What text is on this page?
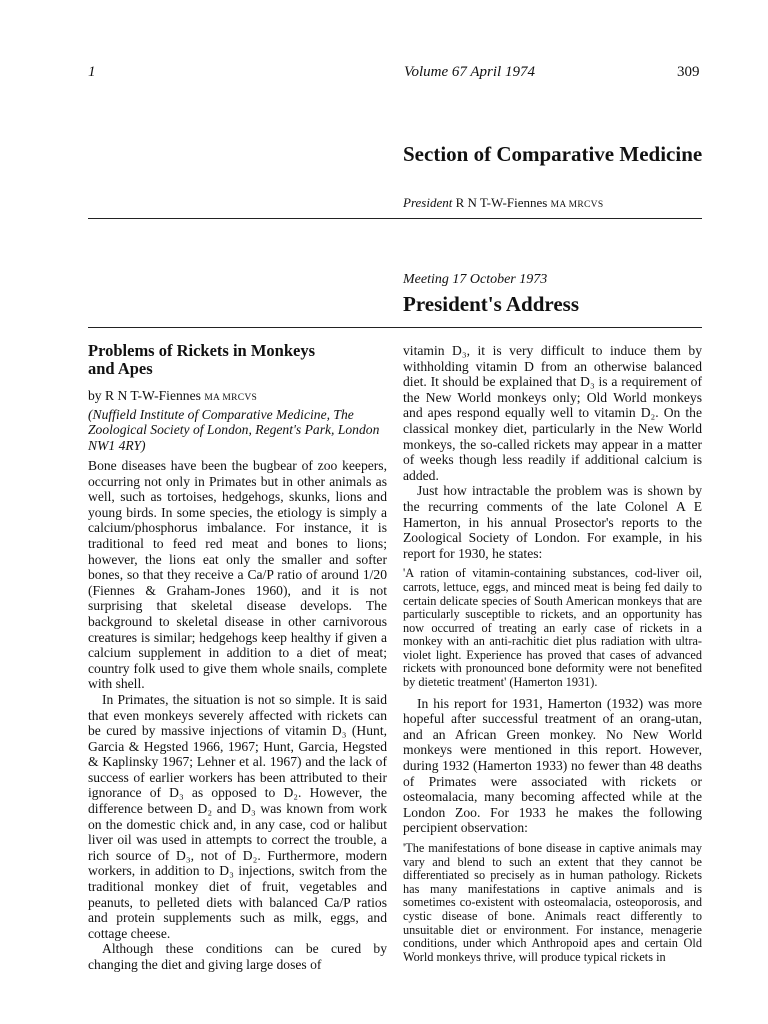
1	Volume 67 April 1974	309
Section of Comparative Medicine
President R N T-W-Fiennes MA MRCVS
Meeting 17 October 1973
President's Address
Problems of Rickets in Monkeys and Apes
by R N T-W-Fiennes MA MRCVS
(Nuffield Institute of Comparative Medicine, The Zoological Society of London, Regent's Park, London NW1 4RY)

Bone diseases have been the bugbear of zoo keepers, occurring not only in Primates but in other animals as well, such as tortoises, hedgehogs, skunks, lions and young birds. In some species, the etiology is simply a calcium/phosphorus imbalance. For instance, it is traditional to feed red meat and bones to lions; however, the lions eat only the smaller and softer bones, so that they receive a Ca/P ratio of around 1/20 (Fiennes & Graham-Jones 1960), and it is not surprising that skeletal disease develops. The background to skeletal disease in other carnivorous creatures is similar; hedgehogs keep healthy if given a calcium supplement in addition to a diet of meat; country folk used to give them whole snails, complete with shell.

In Primates, the situation is not so simple. It is said that even monkeys severely affected with rickets can be cured by massive injections of vitamin D₃ (Hunt, Garcia & Hegsted 1966, 1967; Hunt, Garcia, Hegsted & Kaplinsky 1967; Lehner et al. 1967) and the lack of success of earlier workers has been attributed to their ignorance of D₃ as opposed to D₂. However, the difference between D₂ and D₃ was known from work on the domestic chick and, in any case, cod or halibut liver oil was used in attempts to correct the trouble, a rich source of D₃, not of D₂. Furthermore, modern workers, in addition to D₃ injections, switch from the traditional monkey diet of fruit, vegetables and peanuts, to pelleted diets with balanced Ca/P ratios and protein supplements such as milk, eggs, and cottage cheese.

Although these conditions can be cured by changing the diet and giving large doses of

vitamin D₃, it is very difficult to induce them by withholding vitamin D from an otherwise balanced diet. It should be explained that D₃ is a requirement of the New World monkeys only; Old World monkeys and apes respond equally well to vitamin D₂. On the classical monkey diet, particularly in the New World monkeys, the so-called rickets may appear in a matter of weeks though less readily if additional calcium is added.

Just how intractable the problem was is shown by the recurring comments of the late Colonel A E Hamerton, in his annual Prosector's reports to the Zoological Society of London. For example, in his report for 1930, he states:

'A ration of vitamin-containing substances, cod-liver oil, carrots, lettuce, eggs, and minced meat is being fed daily to certain delicate species of South American monkeys that are particularly susceptible to rickets, and an opportunity has now occurred of treating an early case of rickets in a monkey with an anti-rachitic diet plus radiation with ultra-violet light. Experience has proved that cases of advanced rickets with pronounced bone deformity were not benefited by dietetic treatment' (Hamerton 1931).

In his report for 1931, Hamerton (1932) was more hopeful after successful treatment of an orang-utan, and an African Green monkey. No New World monkeys were mentioned in this report. However, during 1932 (Hamerton 1933) no fewer than 48 deaths of Primates were associated with rickets or osteomalacia, many becoming affected while at the London Zoo. For 1933 he makes the following percipient observation:

'The manifestations of bone disease in captive animals may vary and blend to such an extent that they cannot be differentiated so precisely as in human pathology. Rickets has many manifestations in captive animals and is sometimes co-existent with osteomalacia, osteoporosis, and cystic disease of bone. Animals react differently to unsuitable diet or environment. For instance, menagerie conditions, under which Anthropoid apes and certain Old World monkeys thrive, will produce typical rickets in
